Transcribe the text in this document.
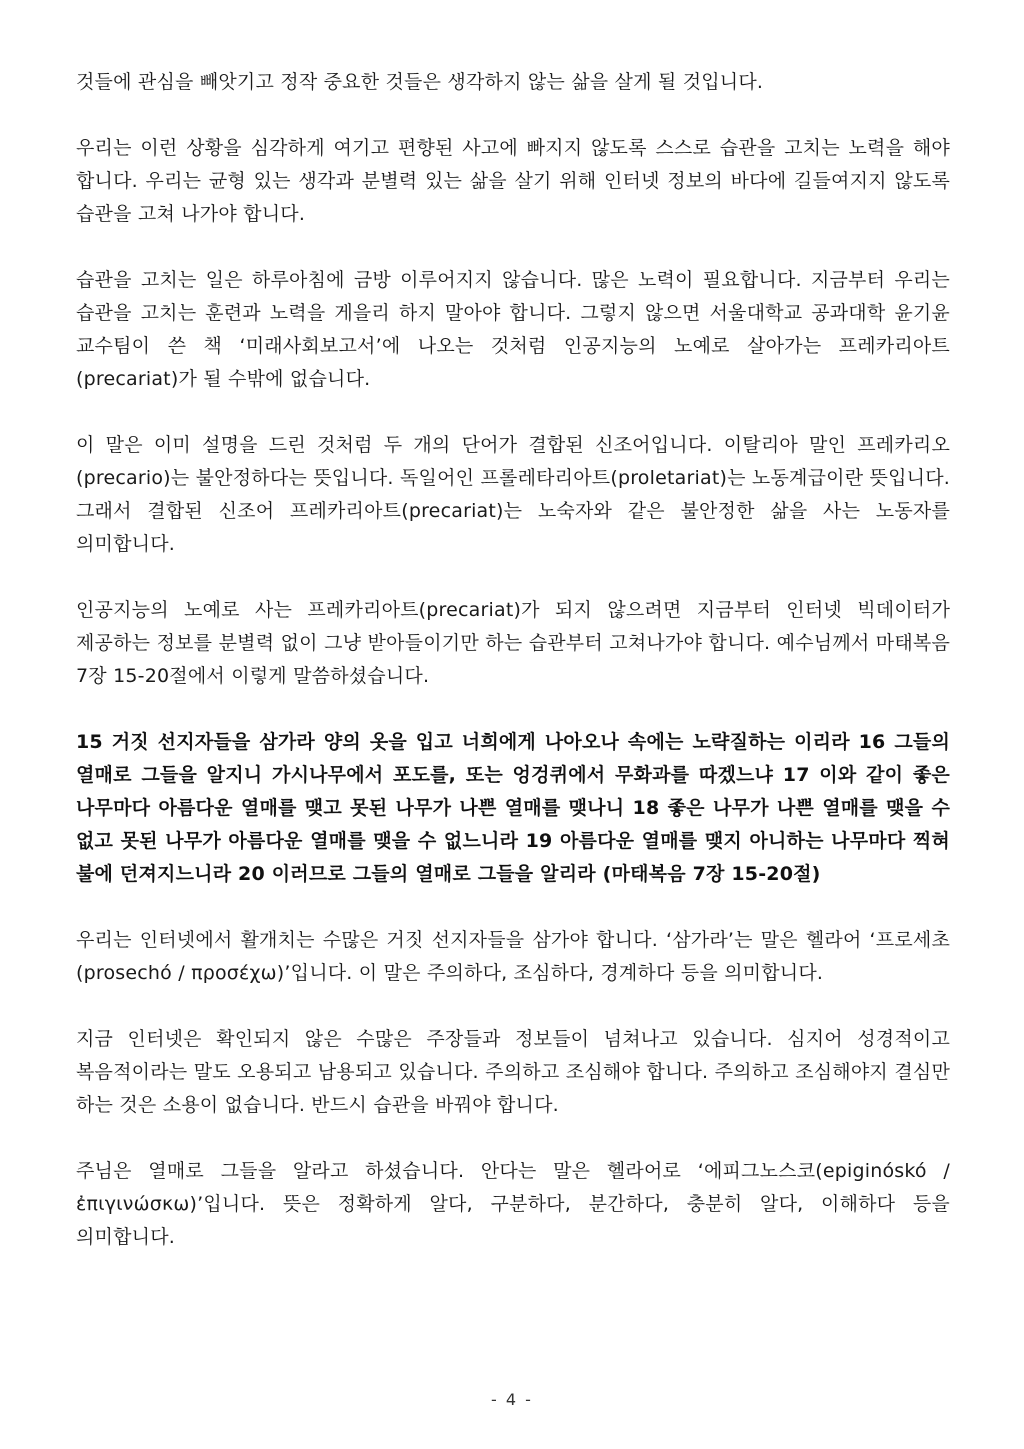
것들에 관심을 빼앗기고 정작 중요한 것들은 생각하지 않는 삶을 살게 될 것입니다.

우리는 이런 상황을 심각하게 여기고 편향된 사고에 빠지지 않도록 스스로 습관을 고치는 노력을 해야 합니다. 우리는 균형 있는 생각과 분별력 있는 삶을 살기 위해 인터넷 정보의 바다에 길들여지지 않도록 습관을 고쳐 나가야 합니다.

습관을 고치는 일은 하루아침에 금방 이루어지지 않습니다. 많은 노력이 필요합니다. 지금부터 우리는 습관을 고치는 훈련과 노력을 게을리 하지 말아야 합니다. 그렇지 않으면 서울대학교 공과대학 윤기윤 교수팀이 쓴 책 ‘미래사회보고서’에 나오는 것처럼 인공지능의 노예로 살아가는 프레카리아트(precariat)가 될 수밖에 없습니다.

이 말은 이미 설명을 드린 것처럼 두 개의 단어가 결합된 신조어입니다. 이탈리아 말인 프레카리오(precario)는 불안정하다는 뜻입니다. 독일어인 프롤레타리아트(proletariat)는 노동계급이란 뜻입니다. 그래서 결합된 신조어 프레카리아트(precariat)는 노숙자와 같은 불안정한 삶을 사는 노동자를 의미합니다.

인공지능의 노예로 사는 프레카리아트(precariat)가 되지 않으려면 지금부터 인터넷 빅데이터가 제공하는 정보를 분별력 없이 그냥 받아들이기만 하는 습관부터 고쳐나가야 합니다. 예수님께서 마태복음 7장 15-20절에서 이렇게 말씀하셨습니다.

15 거짓 선지자들을 삼가라 양의 옷을 입고 너희에게 나아오나 속에는 노략질하는 이리라 16 그들의 열매로 그들을 알지니 가시나무에서 포도를, 또는 엉겅퀴에서 무화과를 따겠느냐 17 이와 같이 좋은 나무마다 아름다운 열매를 맺고 못된 나무가 나쁜 열매를 맺나니 18 좋은 나무가 나쁜 열매를 맺을 수 없고 못된 나무가 아름다운 열매를 맺을 수 없느니라 19 아름다운 열매를 맺지 아니하는 나무마다 찍혀 불에 던져지느니라 20 이러므로 그들의 열매로 그들을 알리라 (마태복음 7장 15-20절)

우리는 인터넷에서 활개치는 수많은 거짓 선지자들을 삼가야 합니다. ‘삼가라’는 말은 헬라어 ‘프로세초(prosechó / προσέχω)’입니다. 이 말은 주의하다, 조심하다, 경계하다 등을 의미합니다.

지금 인터넷은 확인되지 않은 수많은 주장들과 정보들이 넘쳐나고 있습니다. 심지어 성경적이고 복음적이라는 말도 오용되고 남용되고 있습니다. 주의하고 조심해야 합니다. 주의하고 조심해야지 결심만 하는 것은 소용이 없습니다. 반드시 습관을 바꿔야 합니다.

주님은 열매로 그들을 알라고 하셨습니다. 안다는 말은 헬라어로 ‘에피그노스코(epiginóskó / ἐπιγινώσκω)’입니다. 뜻은 정확하게 알다, 구분하다, 분간하다, 충분히 알다, 이해하다 등을 의미합니다.

- 4 -
